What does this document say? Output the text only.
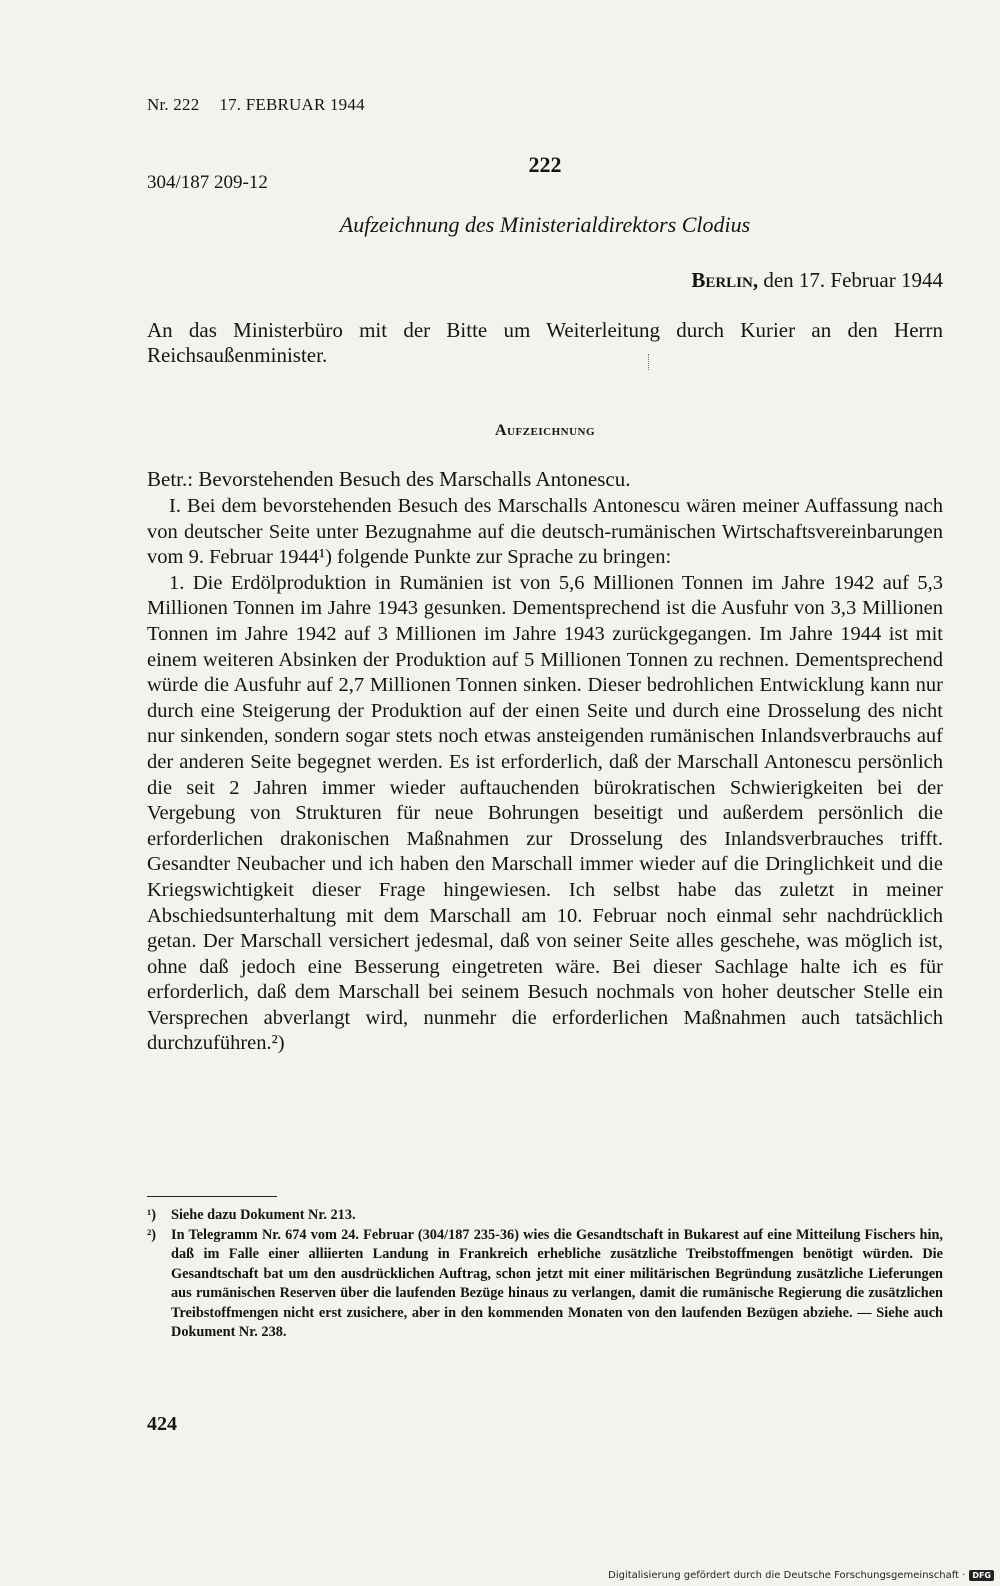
Nr. 222 17. FEBRUAR 1944
222
304/187 209-12
Aufzeichnung des Ministerialdirektors Clodius
Berlin, den 17. Februar 1944
An das Ministerbüro mit der Bitte um Weiterleitung durch Kurier an den Herrn Reichsaußenminister.
Aufzeichnung
Betr.: Bevorstehenden Besuch des Marschalls Antonescu.

I. Bei dem bevorstehenden Besuch des Marschalls Antonescu wären meiner Auffassung nach von deutscher Seite unter Bezugnahme auf die deutsch-rumänischen Wirtschaftsvereinbarungen vom 9. Februar 1944¹) folgende Punkte zur Sprache zu bringen:

1. Die Erdölproduktion in Rumänien ist von 5,6 Millionen Tonnen im Jahre 1942 auf 5,3 Millionen Tonnen im Jahre 1943 gesunken. Dementsprechend ist die Ausfuhr von 3,3 Millionen Tonnen im Jahre 1942 auf 3 Millionen im Jahre 1943 zurückgegangen. Im Jahre 1944 ist mit einem weiteren Absinken der Produktion auf 5 Millionen Tonnen zu rechnen. Dementsprechend würde die Ausfuhr auf 2,7 Millionen Tonnen sinken. Dieser bedrohlichen Entwicklung kann nur durch eine Steigerung der Produktion auf der einen Seite und durch eine Drosselung des nicht nur sinkenden, sondern sogar stets noch etwas ansteigenden rumänischen Inlandsverbrauchs auf der anderen Seite begegnet werden. Es ist erforderlich, daß der Marschall Antonescu persönlich die seit 2 Jahren immer wieder auftauchenden bürokratischen Schwierigkeiten bei der Vergebung von Strukturen für neue Bohrungen beseitigt und außerdem persönlich die erforderlichen drakonischen Maßnahmen zur Drosselung des Inlandsverbrauches trifft. Gesandter Neubacher und ich haben den Marschall immer wieder auf die Dringlichkeit und die Kriegswichtigkeit dieser Frage hingewiesen. Ich selbst habe das zuletzt in meiner Abschiedsunterhaltung mit dem Marschall am 10. Februar noch einmal sehr nachdrücklich getan. Der Marschall versichert jedesmal, daß von seiner Seite alles geschehe, was möglich ist, ohne daß jedoch eine Besserung eingetreten wäre. Bei dieser Sachlage halte ich es für erforderlich, daß dem Marschall bei seinem Besuch nochmals von hoher deutscher Stelle ein Versprechen abverlangt wird, nunmehr die erforderlichen Maßnahmen auch tatsächlich durchzuführen.²)

¹)	Siehe dazu Dokument Nr. 213.
²)	In Telegramm Nr. 674 vom 24. Februar (304/187 235-36) wies die Gesandtschaft in Bukarest auf eine Mitteilung Fischers hin, daß im Falle einer alliierten Landung in Frankreich erhebliche zusätzliche Treibstoffmengen benötigt würden. Die Gesandtschaft bat um den ausdrücklichen Auftrag, schon jetzt mit einer militärischen Begründung zusätzliche Lieferungen aus rumänischen Reserven über die laufenden Bezüge hinaus zu verlangen, damit die rumänische Regierung die zusätzlichen Treibstoffmengen nicht erst zusichere, aber in den kommenden Monaten von den laufenden Bezügen abziehe. — Siehe auch Dokument Nr. 238.
424
Digitalisierung gefördert durch die Deutsche Forschungsgemeinschaft · DFG
